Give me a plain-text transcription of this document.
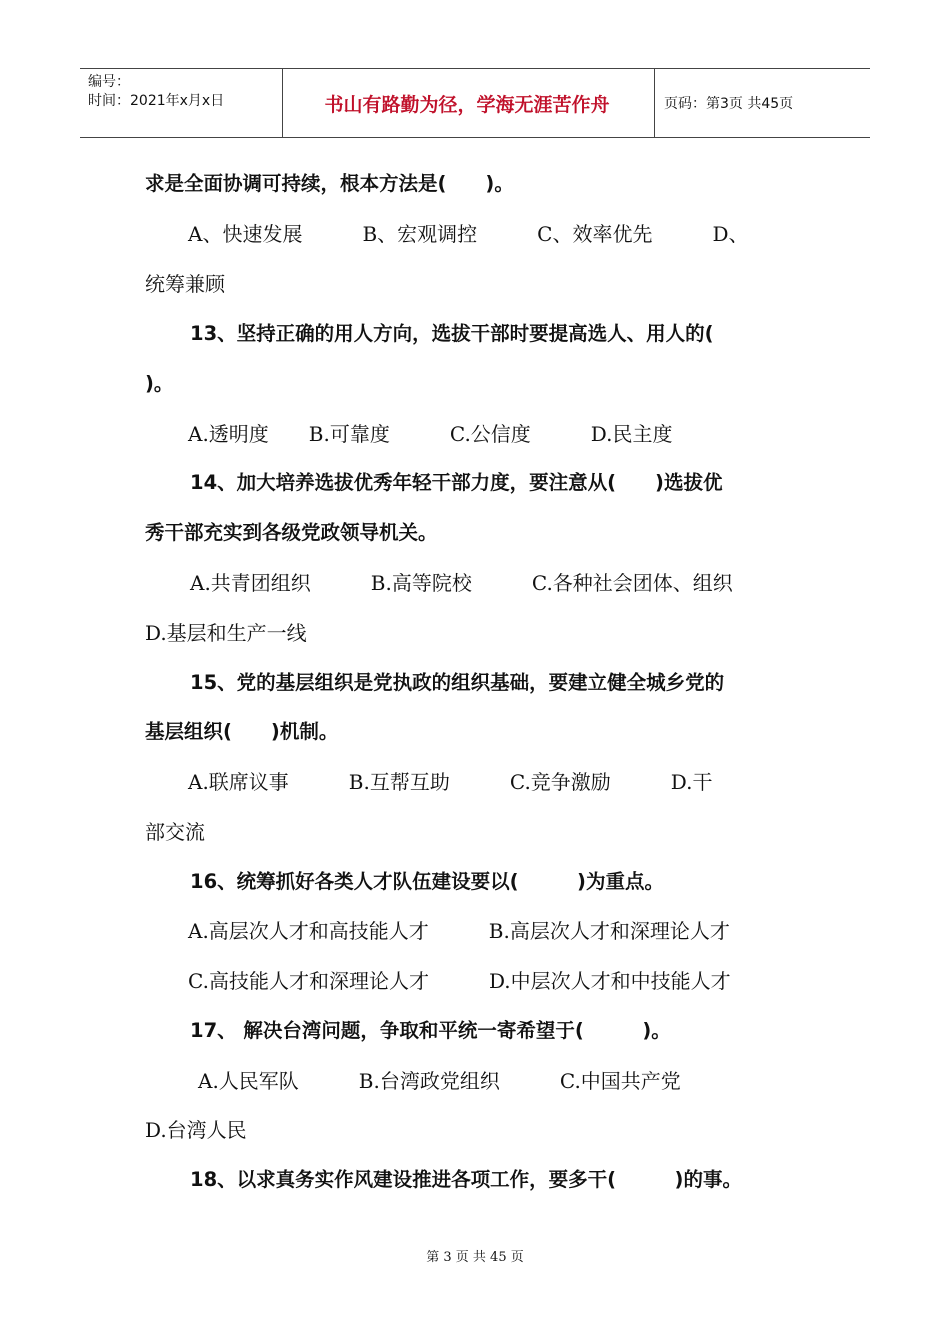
编号：
时间：2021年x月x日	书山有路勤为径，学海无涯苦作舟	页码：第3页 共45页
求是全面协调可持续，根本方法是(　　)。
A、快速发展　　　B、宏观调控　　　C、效率优先　　　D、
统筹兼顾
13、坚持正确的用人方向，选拔干部时要提高选人、用人的(
)。
A.透明度　　B.可靠度　　　C.公信度　　　D.民主度
14、加大培养选拔优秀年轻干部力度，要注意从(　　)选拔优
秀干部充实到各级党政领导机关。
A.共青团组织　　　B.高等院校　　　C.各种社会团体、组织
D.基层和生产一线
15、党的基层组织是党执政的组织基础，要建立健全城乡党的
基层组织(　　)机制。
A.联席议事　　　B.互帮互助　　　C.竞争激励　　　D.干
部交流
16、统筹抓好各类人才队伍建设要以(　　　)为重点。
A.高层次人才和高技能人才　　　B.高层次人才和深理论人才
C.高技能人才和深理论人才　　　D.中层次人才和中技能人才
17、 解决台湾问题，争取和平统一寄希望于(　　　)。
A.人民军队　　　B.台湾政党组织　　　C.中国共产党
D.台湾人民
18、以求真务实作风建设推进各项工作，要多干(　　　)的事。
第 3 页 共 45 页
